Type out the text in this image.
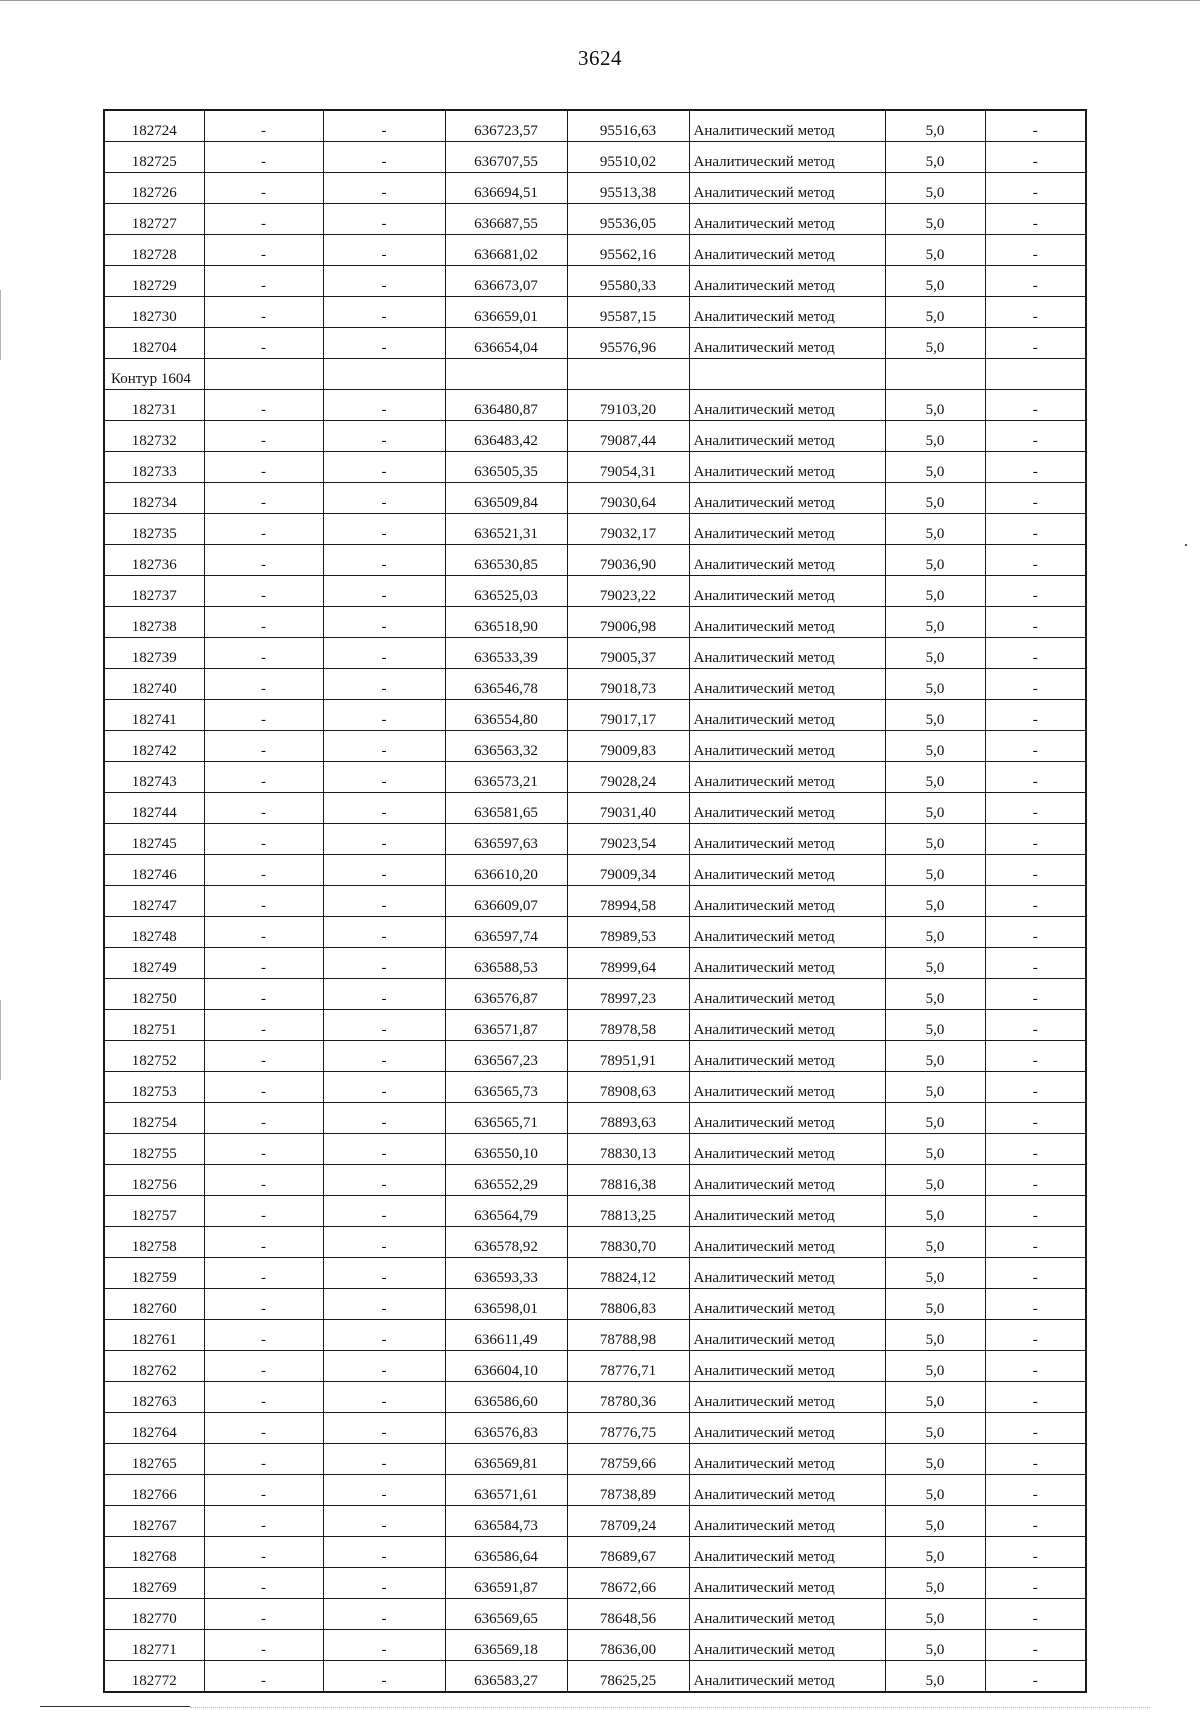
3624
182724	-	-	636723,57	95516,63	Аналитический метод	5,0	-
182725	-	-	636707,55	95510,02	Аналитический метод	5,0	-
182726	-	-	636694,51	95513,38	Аналитический метод	5,0	-
182727	-	-	636687,55	95536,05	Аналитический метод	5,0	-
182728	-	-	636681,02	95562,16	Аналитический метод	5,0	-
182729	-	-	636673,07	95580,33	Аналитический метод	5,0	-
182730	-	-	636659,01	95587,15	Аналитический метод	5,0	-
182704	-	-	636654,04	95576,96	Аналитический метод	5,0	-
Контур 1604							
182731	-	-	636480,87	79103,20	Аналитический метод	5,0	-
182732	-	-	636483,42	79087,44	Аналитический метод	5,0	-
182733	-	-	636505,35	79054,31	Аналитический метод	5,0	-
182734	-	-	636509,84	79030,64	Аналитический метод	5,0	-
182735	-	-	636521,31	79032,17	Аналитический метод	5,0	-
182736	-	-	636530,85	79036,90	Аналитический метод	5,0	-
182737	-	-	636525,03	79023,22	Аналитический метод	5,0	-
182738	-	-	636518,90	79006,98	Аналитический метод	5,0	-
182739	-	-	636533,39	79005,37	Аналитический метод	5,0	-
182740	-	-	636546,78	79018,73	Аналитический метод	5,0	-
182741	-	-	636554,80	79017,17	Аналитический метод	5,0	-
182742	-	-	636563,32	79009,83	Аналитический метод	5,0	-
182743	-	-	636573,21	79028,24	Аналитический метод	5,0	-
182744	-	-	636581,65	79031,40	Аналитический метод	5,0	-
182745	-	-	636597,63	79023,54	Аналитический метод	5,0	-
182746	-	-	636610,20	79009,34	Аналитический метод	5,0	-
182747	-	-	636609,07	78994,58	Аналитический метод	5,0	-
182748	-	-	636597,74	78989,53	Аналитический метод	5,0	-
182749	-	-	636588,53	78999,64	Аналитический метод	5,0	-
182750	-	-	636576,87	78997,23	Аналитический метод	5,0	-
182751	-	-	636571,87	78978,58	Аналитический метод	5,0	-
182752	-	-	636567,23	78951,91	Аналитический метод	5,0	-
182753	-	-	636565,73	78908,63	Аналитический метод	5,0	-
182754	-	-	636565,71	78893,63	Аналитический метод	5,0	-
182755	-	-	636550,10	78830,13	Аналитический метод	5,0	-
182756	-	-	636552,29	78816,38	Аналитический метод	5,0	-
182757	-	-	636564,79	78813,25	Аналитический метод	5,0	-
182758	-	-	636578,92	78830,70	Аналитический метод	5,0	-
182759	-	-	636593,33	78824,12	Аналитический метод	5,0	-
182760	-	-	636598,01	78806,83	Аналитический метод	5,0	-
182761	-	-	636611,49	78788,98	Аналитический метод	5,0	-
182762	-	-	636604,10	78776,71	Аналитический метод	5,0	-
182763	-	-	636586,60	78780,36	Аналитический метод	5,0	-
182764	-	-	636576,83	78776,75	Аналитический метод	5,0	-
182765	-	-	636569,81	78759,66	Аналитический метод	5,0	-
182766	-	-	636571,61	78738,89	Аналитический метод	5,0	-
182767	-	-	636584,73	78709,24	Аналитический метод	5,0	-
182768	-	-	636586,64	78689,67	Аналитический метод	5,0	-
182769	-	-	636591,87	78672,66	Аналитический метод	5,0	-
182770	-	-	636569,65	78648,56	Аналитический метод	5,0	-
182771	-	-	636569,18	78636,00	Аналитический метод	5,0	-
182772	-	-	636583,27	78625,25	Аналитический метод	5,0	-
